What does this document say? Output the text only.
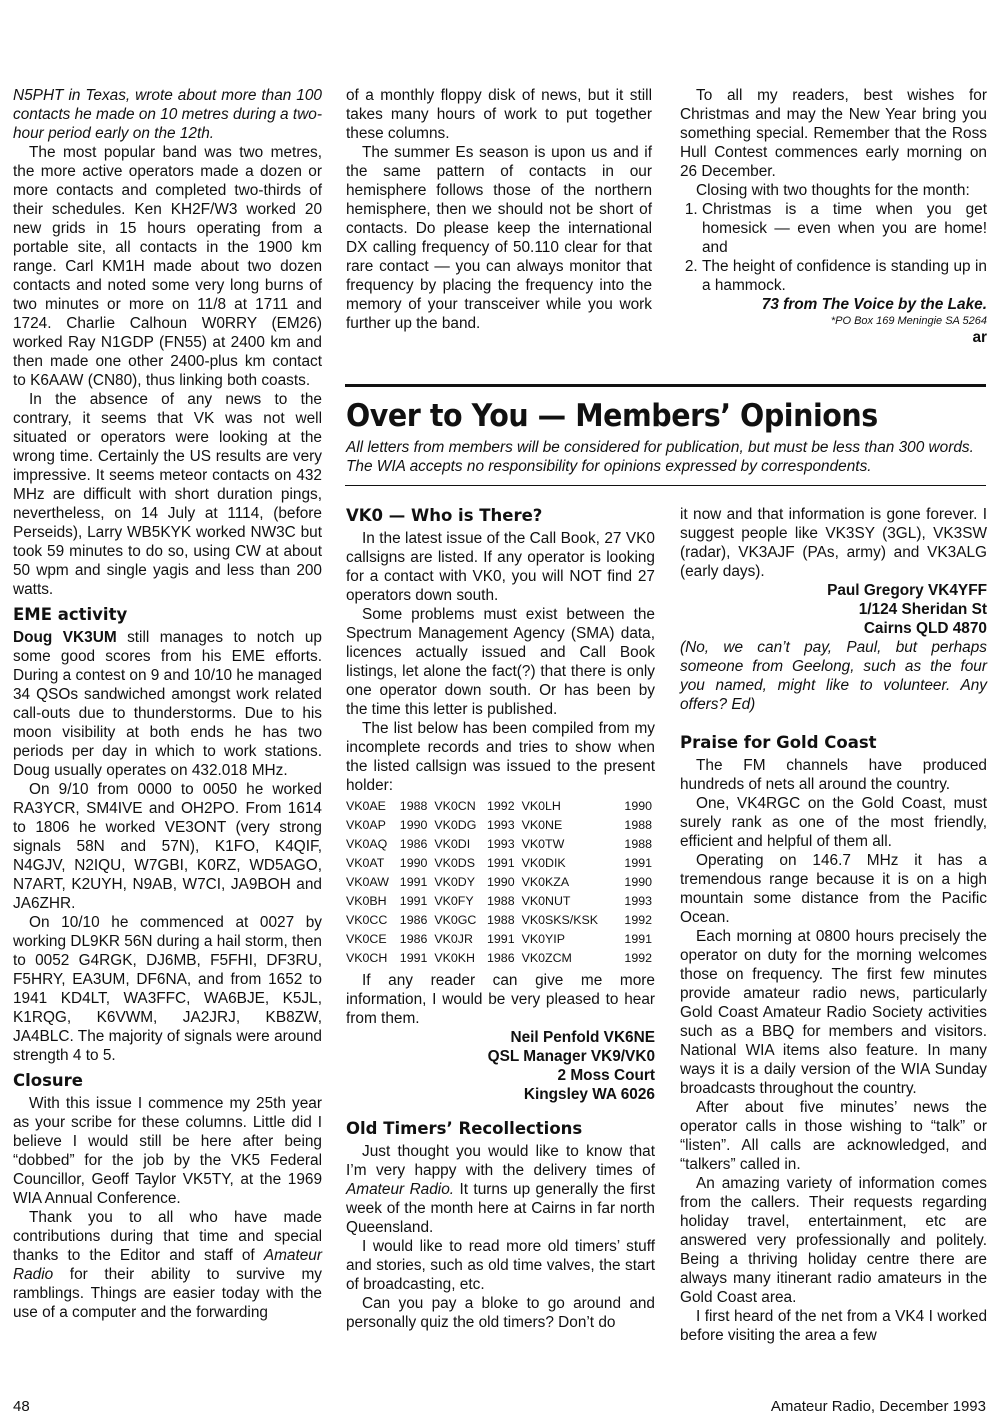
N5PHT in Texas, wrote about more than 100 contacts he made on 10 metres during a two-hour period early on the 12th.

The most popular band was two metres, the more active operators made a dozen or more contacts and completed two-thirds of their schedules. Ken KH2F/W3 worked 20 new grids in 15 hours operating from a portable site, all contacts in the 1900 km range. Carl KM1H made about two dozen contacts and noted some very long burns of two minutes or more on 11/8 at 1711 and 1724. Charlie Calhoun W0RRY (EM26) worked Ray N1GDP (FN55) at 2400 km and then made one other 2400-plus km contact to K6AAW (CN80), thus linking both coasts.

In the absence of any news to the contrary, it seems that VK was not well situated or operators were looking at the wrong time. Certainly the US results are very impressive. It seems meteor contacts on 432 MHz are difficult with short duration pings, nevertheless, on 14 July at 1114, (before Perseids), Larry WB5KYK worked NW3C but took 59 minutes to do so, using CW at about 50 wpm and single yagis and less than 200 watts.

EME activity

Doug VK3UM still manages to notch up some good scores from his EME efforts. During a contest on 9 and 10/10 he managed 34 QSOs sandwiched amongst work related call-outs due to thunderstorms. Due to his moon visibility at both ends he has two periods per day in which to work stations. Doug usually operates on 432.018 MHz.

On 9/10 from 0000 to 0050 he worked RA3YCR, SM4IVE and OH2PO. From 1614 to 1806 he worked VE3ONT (very strong signals 58N and 57N), K1FO, K4QIF, N4GJV, N2IQU, W7GBI, K0RZ, WD5AGO, N7ART, K2UYH, N9AB, W7CI, JA9BOH and JA6ZHR.

On 10/10 he commenced at 0027 by working DL9KR 56N during a hail storm, then to 0052 G4RGK, DJ6MB, F5FHI, DF3RU, F5HRY, EA3UM, DF6NA, and from 1652 to 1941 KD4LT, WA3FFC, WA6BJE, K5JL, K1RQG, K6VWM, JA2JRJ, KB8ZW, JA4BLC. The majority of signals were around strength 4 to 5.

Closure

With this issue I commence my 25th year as your scribe for these columns. Little did I believe I would still be here after being “dobbed” for the job by the VK5 Federal Councillor, Geoff Taylor VK5TY, at the 1969 WIA Annual Conference.

Thank you to all who have made contributions during that time and special thanks to the Editor and staff of Amateur Radio for their ability to survive my ramblings. Things are easier today with the use of a computer and the forwarding

of a monthly floppy disk of news, but it still takes many hours of work to put together these columns.

The summer Es season is upon us and if the same pattern of contacts in our hemisphere follows those of the northern hemisphere, then we should not be short of contacts. Do please keep the international DX calling frequency of 50.110 clear for that rare contact — you can always monitor that frequency by placing the frequency into the memory of your transceiver while you work further up the band.

To all my readers, best wishes for Christmas and may the New Year bring you something special. Remember that the Ross Hull Contest commences early morning on 26 December.

Closing with two thoughts for the month:

1. Christmas is a time when you get homesick — even when you are home! and
2. The height of confidence is standing up in a hammock.
73 from The Voice by the Lake.
*PO Box 169 Meningie SA 5264
ar
Over to You — Members’ Opinions
All letters from members will be considered for publication, but must be less than 300 words. The WIA accepts no responsibility for opinions expressed by correspondents.
VK0 — Who is There?

In the latest issue of the Call Book, 27 VK0 callsigns are listed. If any operator is looking for a contact with VK0, you will NOT find 27 operators down south.

Some problems must exist between the Spectrum Management Agency (SMA) data, licences actually issued and Call Book listings, let alone the fact(?) that there is only one operator down south. Or has been by the time this letter is published.

The list below has been compiled from my incomplete records and tries to show when the listed callsign was issued to the present holder:

VK0AE	1988	VK0CN	1992	VK0LH	1990
VK0AP	1990	VK0DG	1993	VK0NE	1988
VK0AQ	1986	VK0DI	1993	VK0TW	1988
VK0AT	1990	VK0DS	1991	VK0DIK	1991
VK0AW	1991	VK0DY	1990	VK0KZA	1990
VK0BH	1991	VK0FY	1988	VK0NUT	1993
VK0CC	1986	VK0GC	1988	VK0SKS/KSK	1992
VK0CE	1986	VK0JR	1991	VK0YIP	1991
VK0CH	1991	VK0KH	1986	VK0ZCM	1992

If any reader can give me more information, I would be very pleased to hear from them.

Neil Penfold VK6NE
QSL Manager VK9/VK0
2 Moss Court
Kingsley WA 6026
Old Timers’ Recollections

Just thought you would like to know that I’m very happy with the delivery times of Amateur Radio. It turns up generally the first week of the month here at Cairns in far north Queensland.

I would like to read more old timers’ stuff and stories, such as old time valves, the start of broadcasting, etc.

Can you pay a bloke to go around and personally quiz the old timers? Don’t do

it now and that information is gone forever. I suggest people like VK3SY (3GL), VK3SW (radar), VK3AJF (PAs, army) and VK3ALG (early days).

Paul Gregory VK4YFF
1/124 Sheridan St
Cairns QLD 4870

(No, we can’t pay, Paul, but perhaps someone from Geelong, such as the four you named, might like to volunteer. Any offers? Ed)

Praise for Gold Coast

The FM channels have produced hundreds of nets all around the country.

One, VK4RGC on the Gold Coast, must surely rank as one of the most friendly, efficient and helpful of them all.

Operating on 146.7 MHz it has a tremendous range because it is on a high mountain some distance from the Pacific Ocean.

Each morning at 0800 hours precisely the operator on duty for the morning welcomes those on frequency. The first few minutes provide amateur radio news, particularly Gold Coast Amateur Radio Society activities such as a BBQ for members and visitors. National WIA items also feature. In many ways it is a daily version of the WIA Sunday broadcasts throughout the country.

After about five minutes’ news the operator calls in those wishing to “talk” or “listen”. All calls are acknowledged, and “talkers” called in.

An amazing variety of information comes from the callers. Their requests regarding holiday travel, entertainment, etc are answered very professionally and politely. Being a thriving holiday centre there are always many itinerant radio amateurs in the Gold Coast area.

I first heard of the net from a VK4 I worked before visiting the area a few

48	Amateur Radio, December 1993
